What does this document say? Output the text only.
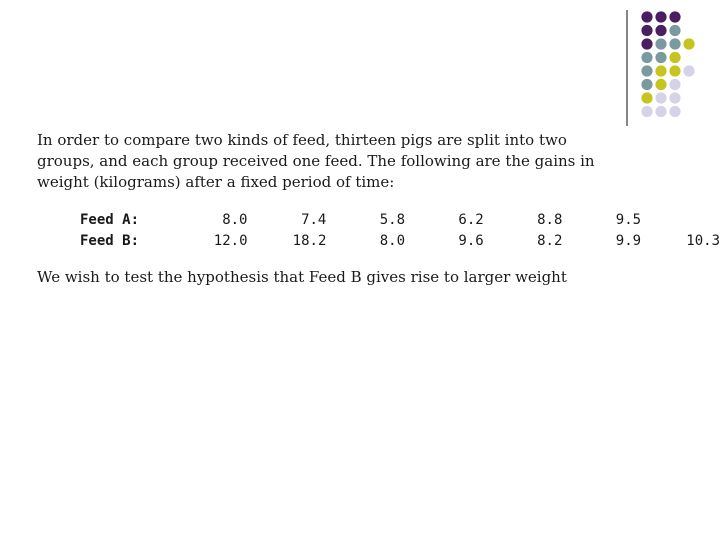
In order to compare two kinds of feed, thirteen pigs are split into two
groups, and each group received one feed. The following are the gains in
weight (kilograms) after a fixed period of time:

Feed A:	8.0	7.4	5.8	6.2	8.8	9.5	
Feed B:	12.0	18.2	8.0	9.6	8.2	9.9	10.3

We wish to test the hypothesis that Feed B gives rise to larger weight
